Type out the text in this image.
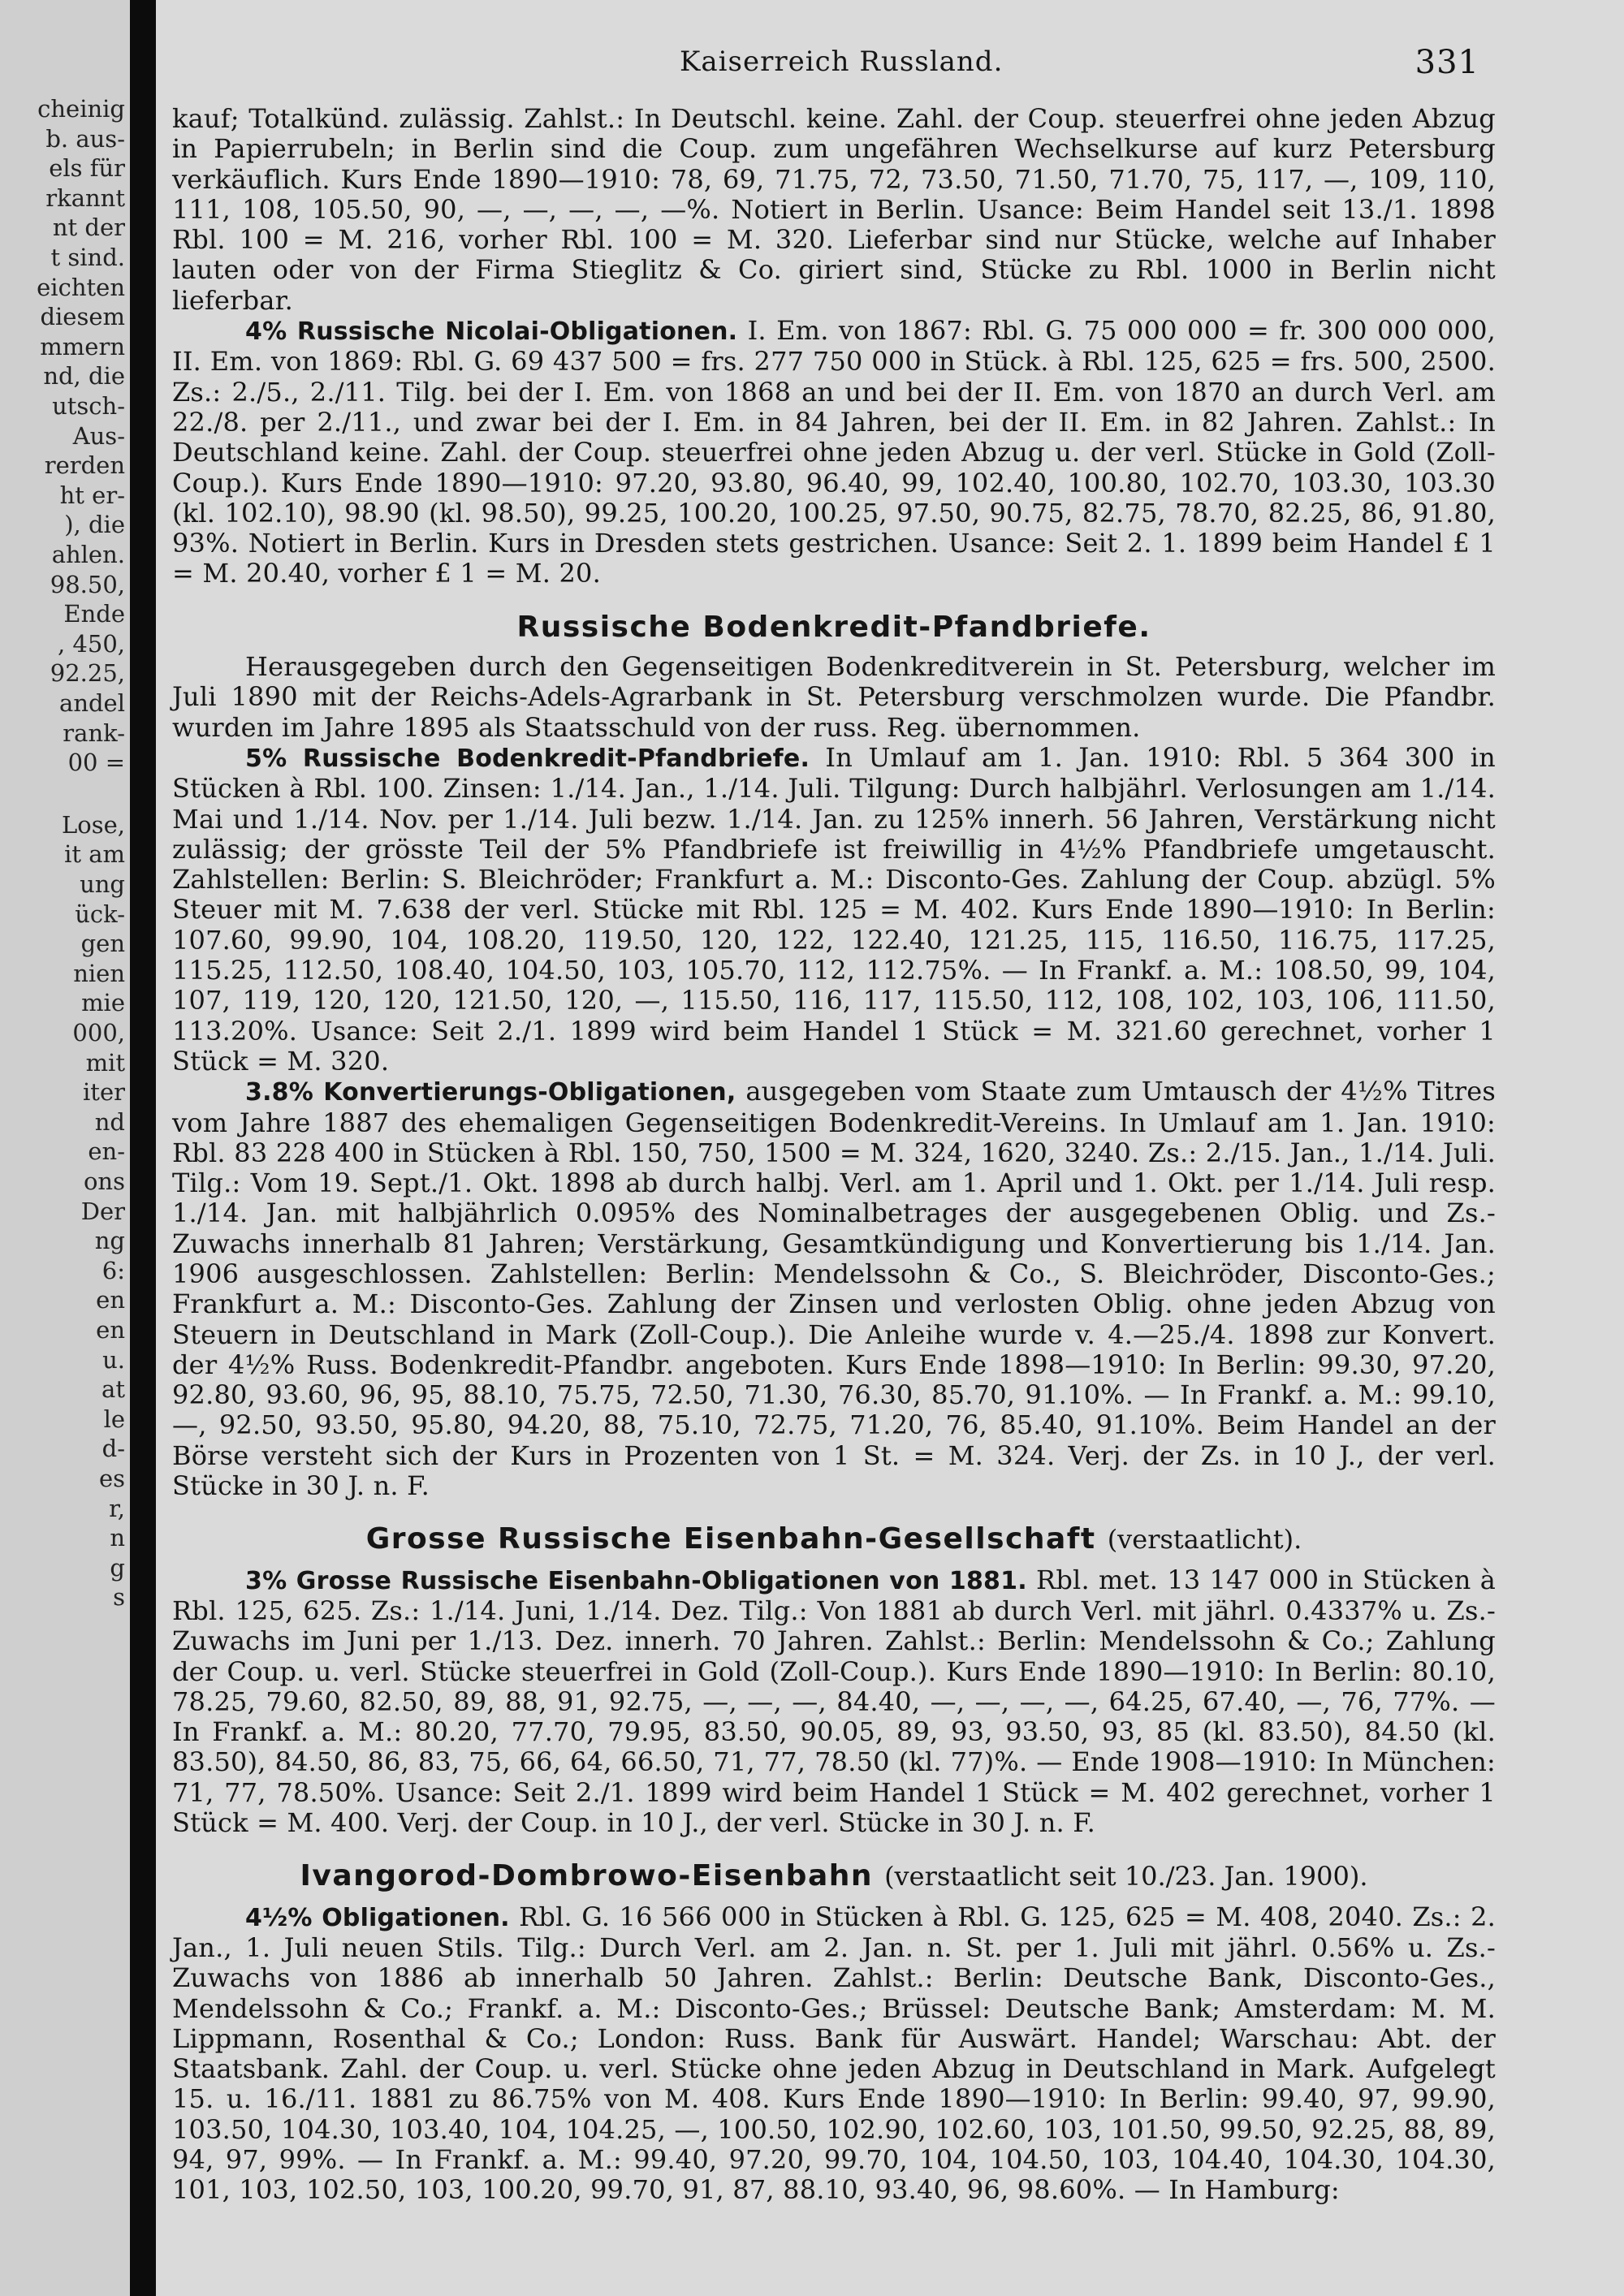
cheinig
b. aus-
els für
rkannt
nt der
t sind.
eichten
diesem
mmern
nd, die
utsch-
Aus-
rerden
ht er-
), die
ahlen.
98.50,
Ende
, 450,
92.25,
andel
rank-
00 =
Lose,
it am
ung
ück-
gen
nien
mie
000,
mit
iter
nd
en-
ons
Der
ng
6:
en
en
u.
at
le
d-
es
r,
n
g
s
Kaiserreich Russland.	331

kauf; Totalkünd. zulässig. Zahlst.: In Deutschl. keine. Zahl. der Coup. steuerfrei ohne jeden Abzug in Papierrubeln; in Berlin sind die Coup. zum ungefähren Wechselkurse auf kurz Petersburg verkäuflich. Kurs Ende 1890—1910: 78, 69, 71.75, 72, 73.50, 71.50, 71.70, 75, 117, —, 109, 110, 111, 108, 105.50, 90, —, —, —, —, —%. Notiert in Berlin. Usance: Beim Handel seit 13./1. 1898 Rbl. 100 = M. 216, vorher Rbl. 100 = M. 320. Lieferbar sind nur Stücke, welche auf Inhaber lauten oder von der Firma Stieglitz & Co. giriert sind, Stücke zu Rbl. 1000 in Berlin nicht lieferbar.

4% Russische Nicolai-Obligationen. I. Em. von 1867: Rbl. G. 75 000 000 = fr. 300 000 000, II. Em. von 1869: Rbl. G. 69 437 500 = frs. 277 750 000 in Stück. à Rbl. 125, 625 = frs. 500, 2500. Zs.: 2./5., 2./11. Tilg. bei der I. Em. von 1868 an und bei der II. Em. von 1870 an durch Verl. am 22./8. per 2./11., und zwar bei der I. Em. in 84 Jahren, bei der II. Em. in 82 Jahren. Zahlst.: In Deutschland keine. Zahl. der Coup. steuerfrei ohne jeden Abzug u. der verl. Stücke in Gold (Zoll-Coup.). Kurs Ende 1890—1910: 97.20, 93.80, 96.40, 99, 102.40, 100.80, 102.70, 103.30, 103.30 (kl. 102.10), 98.90 (kl. 98.50), 99.25, 100.20, 100.25, 97.50, 90.75, 82.75, 78.70, 82.25, 86, 91.80, 93%. Notiert in Berlin. Kurs in Dresden stets gestrichen. Usance: Seit 2. 1. 1899 beim Handel £ 1 = M. 20.40, vorher £ 1 = M. 20.

Russische Bodenkredit-Pfandbriefe.

Herausgegeben durch den Gegenseitigen Bodenkreditverein in St. Petersburg, welcher im Juli 1890 mit der Reichs-Adels-Agrarbank in St. Petersburg verschmolzen wurde. Die Pfandbr. wurden im Jahre 1895 als Staatsschuld von der russ. Reg. übernommen.

5% Russische Bodenkredit-Pfandbriefe. In Umlauf am 1. Jan. 1910: Rbl. 5 364 300 in Stücken à Rbl. 100. Zinsen: 1./14. Jan., 1./14. Juli. Tilgung: Durch halbjährl. Verlosungen am 1./14. Mai und 1./14. Nov. per 1./14. Juli bezw. 1./14. Jan. zu 125% innerh. 56 Jahren, Verstärkung nicht zulässig; der grösste Teil der 5% Pfandbriefe ist freiwillig in 4½% Pfandbriefe umgetauscht. Zahlstellen: Berlin: S. Bleichröder; Frankfurt a. M.: Disconto-Ges. Zahlung der Coup. abzügl. 5% Steuer mit M. 7.638 der verl. Stücke mit Rbl. 125 = M. 402. Kurs Ende 1890—1910: In Berlin: 107.60, 99.90, 104, 108.20, 119.50, 120, 122, 122.40, 121.25, 115, 116.50, 116.75, 117.25, 115.25, 112.50, 108.40, 104.50, 103, 105.70, 112, 112.75%. — In Frankf. a. M.: 108.50, 99, 104, 107, 119, 120, 120, 121.50, 120, —, 115.50, 116, 117, 115.50, 112, 108, 102, 103, 106, 111.50, 113.20%. Usance: Seit 2./1. 1899 wird beim Handel 1 Stück = M. 321.60 gerechnet, vorher 1 Stück = M. 320.

3.8% Konvertierungs-Obligationen, ausgegeben vom Staate zum Umtausch der 4½% Titres vom Jahre 1887 des ehemaligen Gegenseitigen Bodenkredit-Vereins. In Umlauf am 1. Jan. 1910: Rbl. 83 228 400 in Stücken à Rbl. 150, 750, 1500 = M. 324, 1620, 3240. Zs.: 2./15. Jan., 1./14. Juli. Tilg.: Vom 19. Sept./1. Okt. 1898 ab durch halbj. Verl. am 1. April und 1. Okt. per 1./14. Juli resp. 1./14. Jan. mit halbjährlich 0.095% des Nominalbetrages der ausgegebenen Oblig. und Zs.-Zuwachs innerhalb 81 Jahren; Verstärkung, Gesamtkündigung und Konvertierung bis 1./14. Jan. 1906 ausgeschlossen. Zahlstellen: Berlin: Mendelssohn & Co., S. Bleichröder, Disconto-Ges.; Frankfurt a. M.: Disconto-Ges. Zahlung der Zinsen und verlosten Oblig. ohne jeden Abzug von Steuern in Deutschland in Mark (Zoll-Coup.). Die Anleihe wurde v. 4.—25./4. 1898 zur Konvert. der 4½% Russ. Bodenkredit-Pfandbr. angeboten. Kurs Ende 1898—1910: In Berlin: 99.30, 97.20, 92.80, 93.60, 96, 95, 88.10, 75.75, 72.50, 71.30, 76.30, 85.70, 91.10%. — In Frankf. a. M.: 99.10, —, 92.50, 93.50, 95.80, 94.20, 88, 75.10, 72.75, 71.20, 76, 85.40, 91.10%. Beim Handel an der Börse versteht sich der Kurs in Prozenten von 1 St. = M. 324. Verj. der Zs. in 10 J., der verl. Stücke in 30 J. n. F.

Grosse Russische Eisenbahn-Gesellschaft (verstaatlicht).

3% Grosse Russische Eisenbahn-Obligationen von 1881. Rbl. met. 13 147 000 in Stücken à Rbl. 125, 625. Zs.: 1./14. Juni, 1./14. Dez. Tilg.: Von 1881 ab durch Verl. mit jährl. 0.4337% u. Zs.-Zuwachs im Juni per 1./13. Dez. innerh. 70 Jahren. Zahlst.: Berlin: Mendelssohn & Co.; Zahlung der Coup. u. verl. Stücke steuerfrei in Gold (Zoll-Coup.). Kurs Ende 1890—1910: In Berlin: 80.10, 78.25, 79.60, 82.50, 89, 88, 91, 92.75, —, —, —, 84.40, —, —, —, —, 64.25, 67.40, —, 76, 77%. — In Frankf. a. M.: 80.20, 77.70, 79.95, 83.50, 90.05, 89, 93, 93.50, 93, 85 (kl. 83.50), 84.50 (kl. 83.50), 84.50, 86, 83, 75, 66, 64, 66.50, 71, 77, 78.50 (kl. 77)%. — Ende 1908—1910: In München: 71, 77, 78.50%. Usance: Seit 2./1. 1899 wird beim Handel 1 Stück = M. 402 gerechnet, vorher 1 Stück = M. 400. Verj. der Coup. in 10 J., der verl. Stücke in 30 J. n. F.

Ivangorod-Dombrowo-Eisenbahn (verstaatlicht seit 10./23. Jan. 1900).

4½% Obligationen. Rbl. G. 16 566 000 in Stücken à Rbl. G. 125, 625 = M. 408, 2040. Zs.: 2. Jan., 1. Juli neuen Stils. Tilg.: Durch Verl. am 2. Jan. n. St. per 1. Juli mit jährl. 0.56% u. Zs.-Zuwachs von 1886 ab innerhalb 50 Jahren. Zahlst.: Berlin: Deutsche Bank, Disconto-Ges., Mendelssohn & Co.; Frankf. a. M.: Disconto-Ges.; Brüssel: Deutsche Bank; Amsterdam: M. M. Lippmann, Rosenthal & Co.; London: Russ. Bank für Auswärt. Handel; Warschau: Abt. der Staatsbank. Zahl. der Coup. u. verl. Stücke ohne jeden Abzug in Deutschland in Mark. Aufgelegt 15. u. 16./11. 1881 zu 86.75% von M. 408. Kurs Ende 1890—1910: In Berlin: 99.40, 97, 99.90, 103.50, 104.30, 103.40, 104, 104.25, —, 100.50, 102.90, 102.60, 103, 101.50, 99.50, 92.25, 88, 89, 94, 97, 99%. — In Frankf. a. M.: 99.40, 97.20, 99.70, 104, 104.50, 103, 104.40, 104.30, 104.30, 101, 103, 102.50, 103, 100.20, 99.70, 91, 87, 88.10, 93.40, 96, 98.60%. — In Hamburg:
